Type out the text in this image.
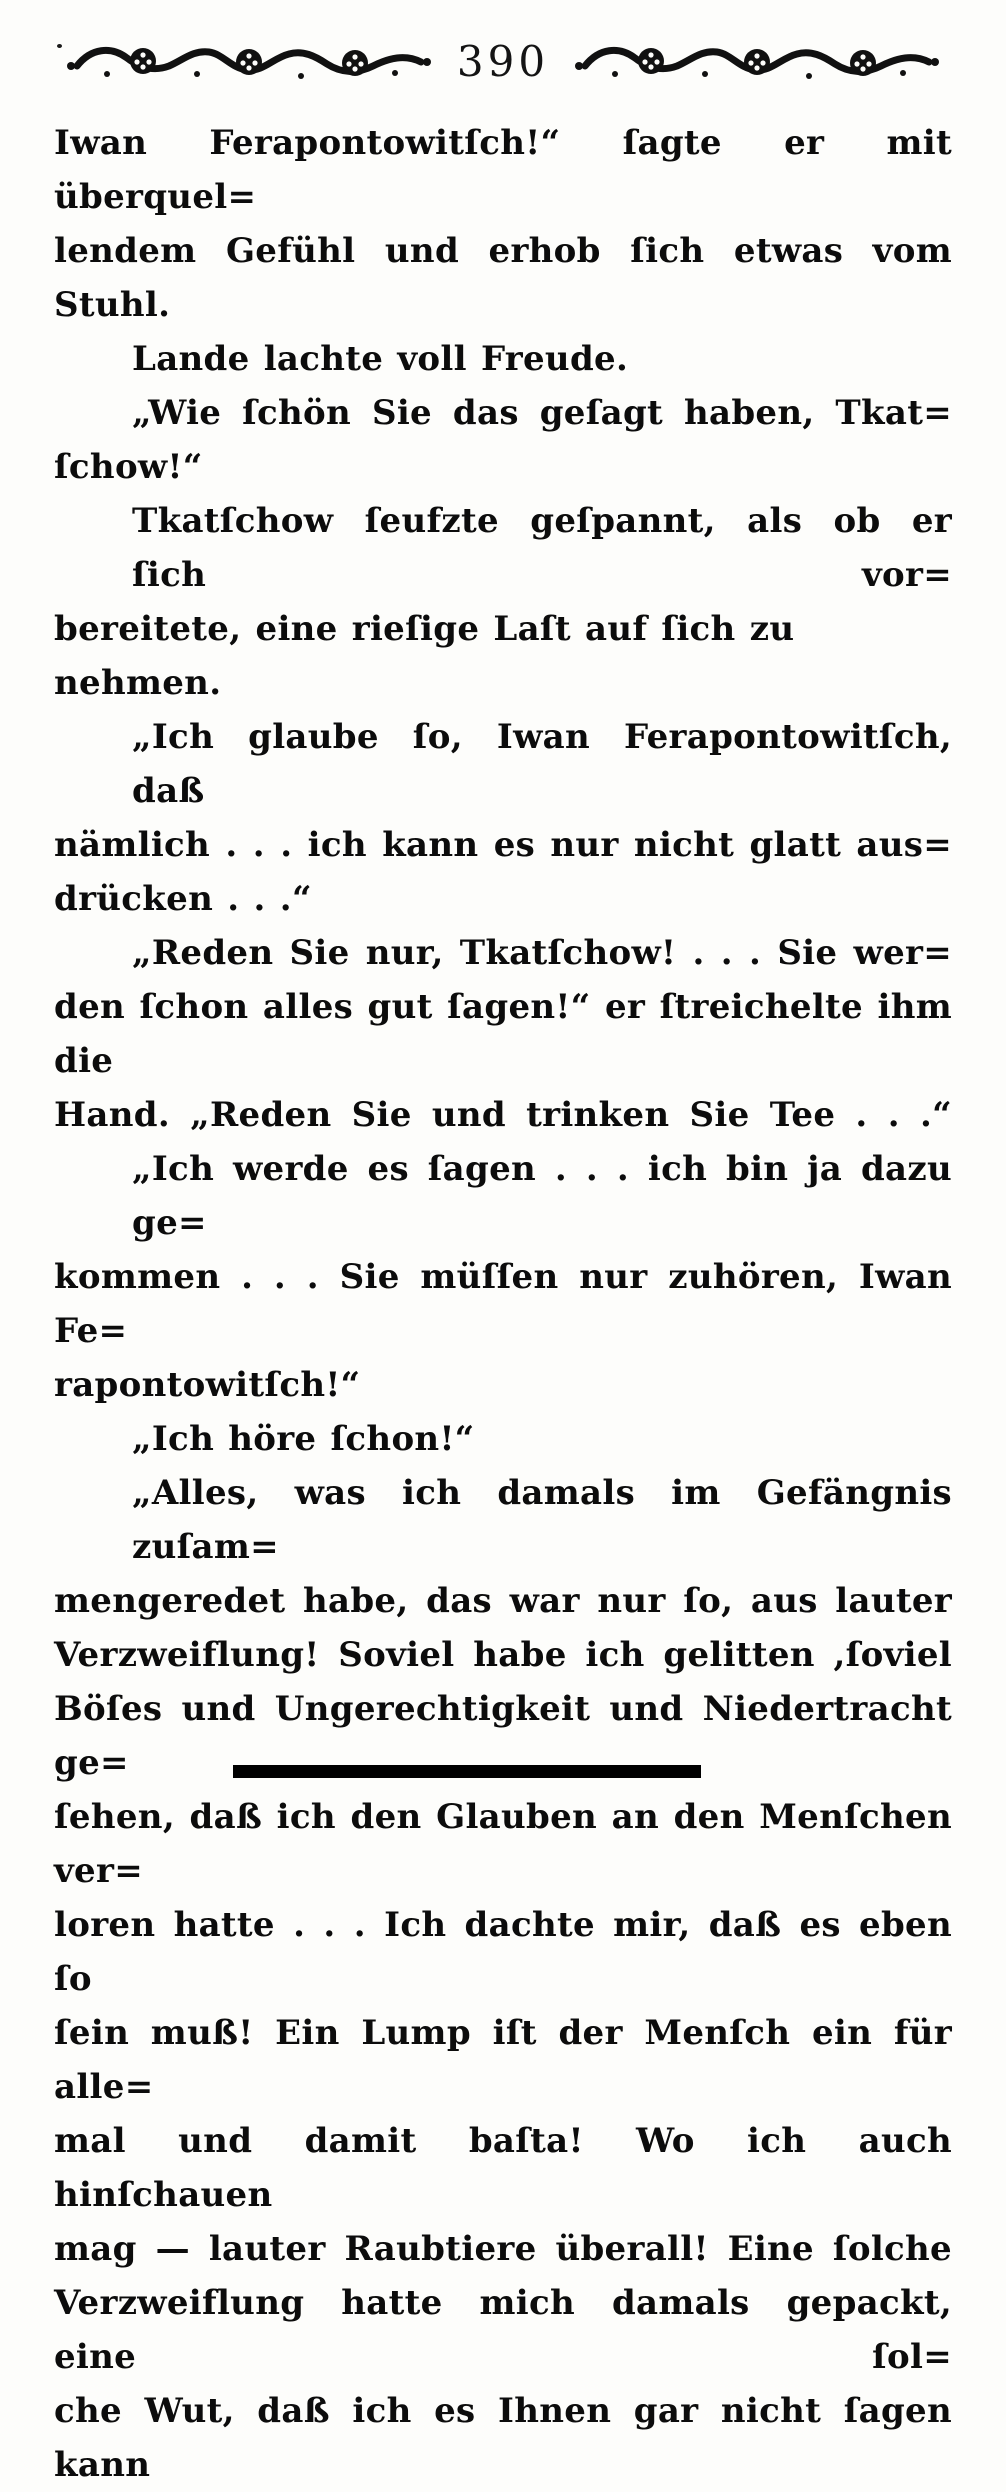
390
Iwan Ferapontowitſch!“ ſagte er mit überquel=
lendem Gefühl und erhob ſich etwas vom Stuhl.
Lande lachte voll Freude.
„Wie ſchön Sie das geſagt haben, Tkat=
ſchow!“
Tkatſchow ſeufzte geſpannt, als ob er ſich vor=
bereitete, eine rieſige Laſt auf ſich zu nehmen.
„Ich glaube ſo, Iwan Ferapontowitſch, daß
nämlich . . . ich kann es nur nicht glatt aus=
drücken . . .“
„Reden Sie nur, Tkatſchow! . . . Sie wer=
den ſchon alles gut ſagen!“ er ſtreichelte ihm die
Hand. „Reden Sie und trinken Sie Tee . . .“
„Ich werde es ſagen . . . ich bin ja dazu ge=
kommen . . . Sie müſſen nur zuhören, Iwan Fe=
rapontowitſch!“
„Ich höre ſchon!“
„Alles, was ich damals im Gefängnis zuſam=
mengeredet habe, das war nur ſo, aus lauter
Verzweiflung! Soviel habe ich gelitten ,ſoviel
Böſes und Ungerechtigkeit und Niedertracht ge=
ſehen, daß ich den Glauben an den Menſchen ver=
loren hatte . . . Ich dachte mir, daß es eben ſo
ſein muß! Ein Lump iſt der Menſch ein für alle=
mal und damit baſta! Wo ich auch hinſchauen
mag — lauter Raubtiere überall! Eine ſolche
Verzweiflung hatte mich damals gepackt, eine ſol=
che Wut, daß ich es Ihnen gar nicht ſagen kann
